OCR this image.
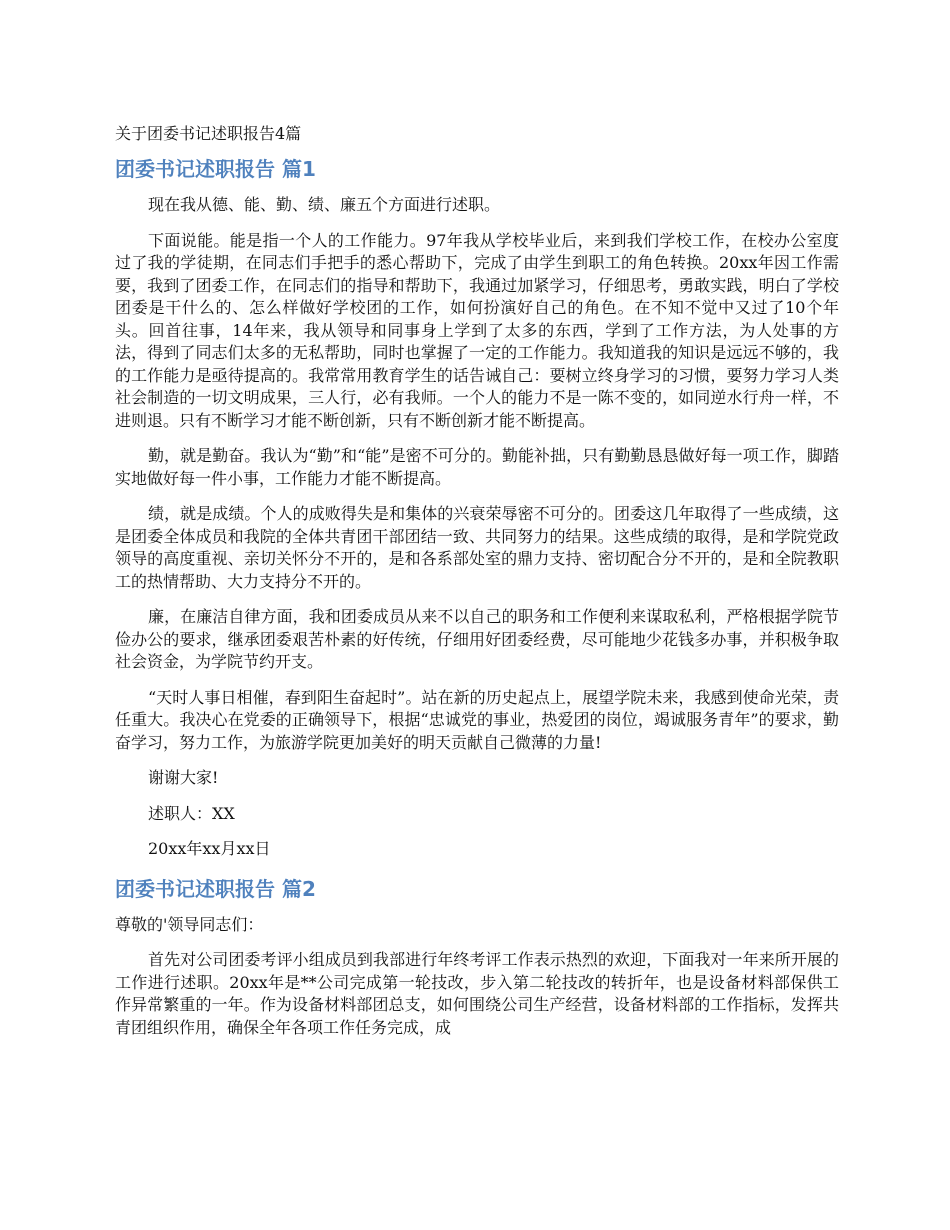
关于团委书记述职报告4篇
团委书记述职报告 篇1

现在我从德、能、勤、绩、廉五个方面进行述职。

下面说能。能是指一个人的工作能力。97年我从学校毕业后，来到我们学校工作，在校办公室度过了我的学徒期，在同志们手把手的悉心帮助下，完成了由学生到职工的角色转换。20xx年因工作需要，我到了团委工作，在同志们的指导和帮助下，我通过加紧学习，仔细思考，勇敢实践，明白了学校团委是干什么的、怎么样做好学校团的工作，如何扮演好自己的角色。在不知不觉中又过了10个年头。回首往事，14年来，我从领导和同事身上学到了太多的东西，学到了工作方法，为人处事的方法，得到了同志们太多的无私帮助，同时也掌握了一定的工作能力。我知道我的知识是远远不够的，我的工作能力是亟待提高的。我常常用教育学生的话告诫自己：要树立终身学习的习惯，要努力学习人类社会制造的一切文明成果，三人行，必有我师。一个人的能力不是一陈不变的，如同逆水行舟一样，不进则退。只有不断学习才能不断创新，只有不断创新才能不断提高。

勤，就是勤奋。我认为“勤”和“能”是密不可分的。勤能补拙，只有勤勤恳恳做好每一项工作，脚踏实地做好每一件小事，工作能力才能不断提高。

绩，就是成绩。个人的成败得失是和集体的兴衰荣辱密不可分的。团委这几年取得了一些成绩，这是团委全体成员和我院的全体共青团干部团结一致、共同努力的结果。这些成绩的取得，是和学院党政领导的高度重视、亲切关怀分不开的，是和各系部处室的鼎力支持、密切配合分不开的，是和全院教职工的热情帮助、大力支持分不开的。

廉，在廉洁自律方面，我和团委成员从来不以自己的职务和工作便利来谋取私利，严格根据学院节俭办公的要求，继承团委艰苦朴素的好传统，仔细用好团委经费，尽可能地少花钱多办事，并积极争取社会资金，为学院节约开支。

“天时人事日相催，春到阳生奋起时”。站在新的历史起点上，展望学院未来，我感到使命光荣，责任重大。我决心在党委的正确领导下，根据“忠诚党的事业，热爱团的岗位，竭诚服务青年”的要求，勤奋学习，努力工作，为旅游学院更加美好的明天贡献自己微薄的力量!

谢谢大家!

述职人：XX

20xx年xx月xx日

团委书记述职报告 篇2

尊敬的'领导同志们：

首先对公司团委考评小组成员到我部进行年终考评工作表示热烈的欢迎，下面我对一年来所开展的工作进行述职。20xx年是**公司完成第一轮技改，步入第二轮技改的转折年，也是设备材料部保供工作异常繁重的一年。作为设备材料部团总支，如何围绕公司生产经营，设备材料部的工作指标，发挥共青团组织作用，确保全年各项工作任务完成，成
